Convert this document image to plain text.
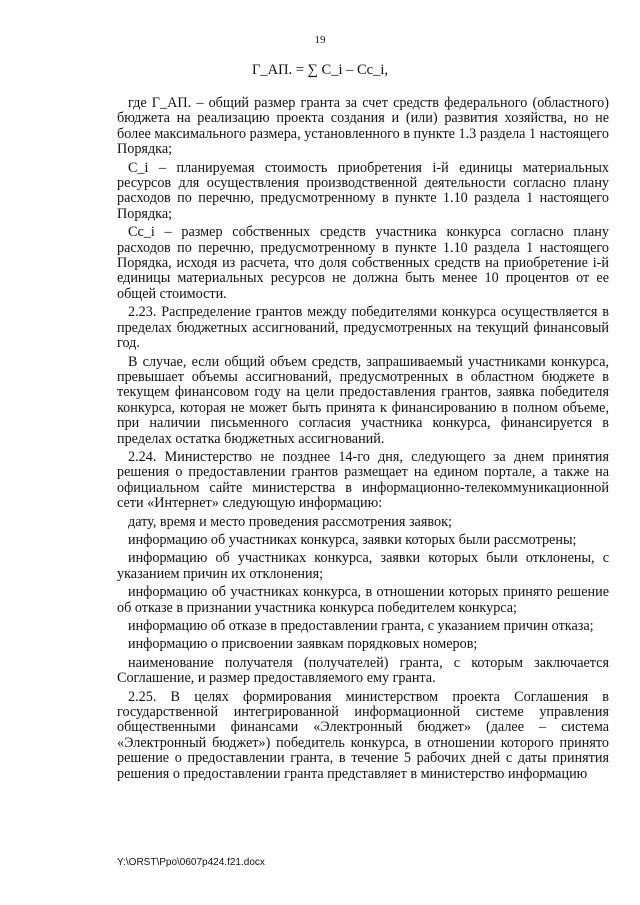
19
Г_АП. = ∑ C_i – Cc_i,
где Г_АП. – общий размер гранта за счет средств федерального (областного) бюджета на реализацию проекта создания и (или) развития хозяйства, но не более максимального размера, установленного в пункте 1.3 раздела 1 настоящего Порядка;
C_i – планируемая стоимость приобретения i-й единицы материальных ресурсов для осуществления производственной деятельности согласно плану расходов по перечню, предусмотренному в пункте 1.10 раздела 1 настоящего Порядка;
Cc_i – размер собственных средств участника конкурса согласно плану расходов по перечню, предусмотренному в пункте 1.10 раздела 1 настоящего Порядка, исходя из расчета, что доля собственных средств на приобретение i-й единицы материальных ресурсов не должна быть менее 10 процентов от ее общей стоимости.
2.23. Распределение грантов между победителями конкурса осуществляется в пределах бюджетных ассигнований, предусмотренных на текущий финансовый год.
В случае, если общий объем средств, запрашиваемый участниками конкурса, превышает объемы ассигнований, предусмотренных в областном бюджете в текущем финансовом году на цели предоставления грантов, заявка победителя конкурса, которая не может быть принята к финансированию в полном объеме, при наличии письменного согласия участника конкурса, финансируется в пределах остатка бюджетных ассигнований.
2.24. Министерство не позднее 14-го дня, следующего за днем принятия решения о предоставлении грантов размещает на едином портале, а также на официальном сайте министерства в информационно-телекоммуникационной сети «Интернет» следующую информацию:
дату, время и место проведения рассмотрения заявок;
информацию об участниках конкурса, заявки которых были рассмотрены;
информацию об участниках конкурса, заявки которых были отклонены, с указанием причин их отклонения;
информацию об участниках конкурса, в отношении которых принято решение об отказе в признании участника конкурса победителем конкурса;
информацию об отказе в предоставлении гранта, с указанием причин отказа;
информацию о присвоении заявкам порядковых номеров;
наименование получателя (получателей) гранта, с которым заключается Соглашение, и размер предоставляемого ему гранта.
2.25. В целях формирования министерством проекта Соглашения в государственной интегрированной информационной системе управления общественными финансами «Электронный бюджет» (далее – система «Электронный бюджет») победитель конкурса, в отношении которого принято решение о предоставлении гранта, в течение 5 рабочих дней с даты принятия решения о предоставлении гранта представляет в министерство информацию
Y:\ORST\Ppo\0607p424.f21.docx
